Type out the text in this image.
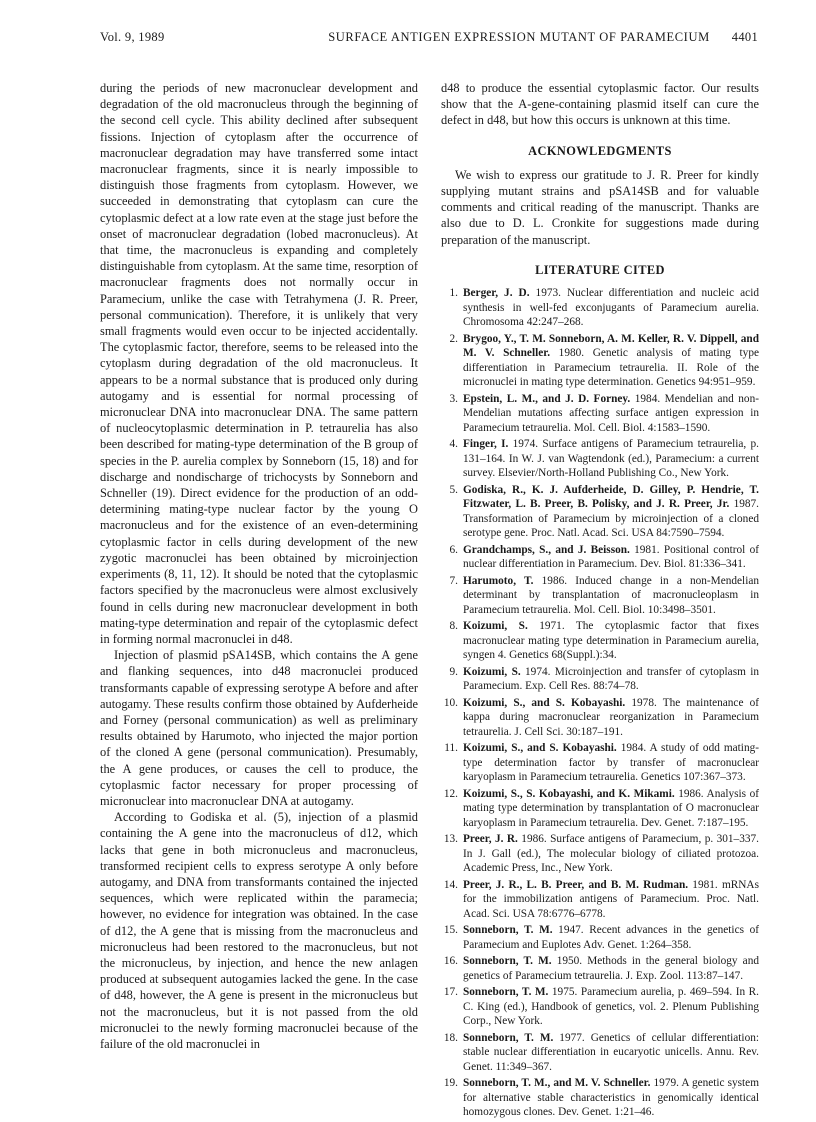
Vol. 9, 1989	SURFACE ANTIGEN EXPRESSION MUTANT OF PARAMECIUM 4401

during the periods of new macronuclear development and degradation of the old macronucleus through the beginning of the second cell cycle. This ability declined after subsequent fissions. Injection of cytoplasm after the occurrence of macronuclear degradation may have transferred some intact macronuclear fragments, since it is nearly impossible to distinguish those fragments from cytoplasm. However, we succeeded in demonstrating that cytoplasm can cure the cytoplasmic defect at a low rate even at the stage just before the onset of macronuclear degradation (lobed macronucleus). At that time, the macronucleus is expanding and completely distinguishable from cytoplasm. At the same time, resorption of macronuclear fragments does not normally occur in Paramecium, unlike the case with Tetrahymena (J. R. Preer, personal communication). Therefore, it is unlikely that very small fragments would even occur to be injected accidentally. The cytoplasmic factor, therefore, seems to be released into the cytoplasm during degradation of the old macronucleus. It appears to be a normal substance that is produced only during autogamy and is essential for normal processing of micronuclear DNA into macronuclear DNA. The same pattern of nucleocytoplasmic determination in P. tetraurelia has also been described for mating-type determination of the B group of species in the P. aurelia complex by Sonneborn (15, 18) and for discharge and nondischarge of trichocysts by Sonneborn and Schneller (19). Direct evidence for the production of an odd-determining mating-type nuclear factor by the young O macronucleus and for the existence of an even-determining cytoplasmic factor in cells during development of the new zygotic macronuclei has been obtained by microinjection experiments (8, 11, 12). It should be noted that the cytoplasmic factors specified by the macronucleus were almost exclusively found in cells during new macronuclear development in both mating-type determination and repair of the cytoplasmic defect in forming normal macronuclei in d48.

Injection of plasmid pSA14SB, which contains the A gene and flanking sequences, into d48 macronuclei produced transformants capable of expressing serotype A before and after autogamy. These results confirm those obtained by Aufderheide and Forney (personal communication) as well as preliminary results obtained by Harumoto, who injected the major portion of the cloned A gene (personal communication). Presumably, the A gene produces, or causes the cell to produce, the cytoplasmic factor necessary for proper processing of micronuclear into macronuclear DNA at autogamy.

According to Godiska et al. (5), injection of a plasmid containing the A gene into the macronucleus of d12, which lacks that gene in both micronucleus and macronucleus, transformed recipient cells to express serotype A only before autogamy, and DNA from transformants contained the injected sequences, which were replicated within the paramecia; however, no evidence for integration was obtained. In the case of d12, the A gene that is missing from the macronucleus and micronucleus had been restored to the macronucleus, but not the micronucleus, by injection, and hence the new anlagen produced at subsequent autogamies lacked the gene. In the case of d48, however, the A gene is present in the micronucleus but not the macronucleus, but it is not passed from the old micronuclei to the newly forming macronuclei because of the failure of the old macronuclei in

d48 to produce the essential cytoplasmic factor. Our results show that the A-gene-containing plasmid itself can cure the defect in d48, but how this occurs is unknown at this time.

ACKNOWLEDGMENTS

We wish to express our gratitude to J. R. Preer for kindly supplying mutant strains and pSA14SB and for valuable comments and critical reading of the manuscript. Thanks are also due to D. L. Cronkite for suggestions made during preparation of the manuscript.

LITERATURE CITED
1. Berger, J. D. 1973. Nuclear differentiation and nucleic acid synthesis in well-fed exconjugants of Paramecium aurelia. Chromosoma 42:247–268.
2. Brygoo, Y., T. M. Sonneborn, A. M. Keller, R. V. Dippell, and M. V. Schneller. 1980. Genetic analysis of mating type differentiation in Paramecium tetraurelia. II. Role of the micronuclei in mating type determination. Genetics 94:951–959.
3. Epstein, L. M., and J. D. Forney. 1984. Mendelian and non-Mendelian mutations affecting surface antigen expression in Paramecium tetraurelia. Mol. Cell. Biol. 4:1583–1590.
4. Finger, I. 1974. Surface antigens of Paramecium tetraurelia, p. 131–164. In W. J. van Wagtendonk (ed.), Paramecium: a current survey. Elsevier/North-Holland Publishing Co., New York.
5. Godiska, R., K. J. Aufderheide, D. Gilley, P. Hendrie, T. Fitzwater, L. B. Preer, B. Polisky, and J. R. Preer, Jr. 1987. Transformation of Paramecium by microinjection of a cloned serotype gene. Proc. Natl. Acad. Sci. USA 84:7590–7594.
6. Grandchamps, S., and J. Beisson. 1981. Positional control of nuclear differentiation in Paramecium. Dev. Biol. 81:336–341.
7. Harumoto, T. 1986. Induced change in a non-Mendelian determinant by transplantation of macronucleoplasm in Paramecium tetraurelia. Mol. Cell. Biol. 10:3498–3501.
8. Koizumi, S. 1971. The cytoplasmic factor that fixes macronuclear mating type determination in Paramecium aurelia, syngen 4. Genetics 68(Suppl.):34.
9. Koizumi, S. 1974. Microinjection and transfer of cytoplasm in Paramecium. Exp. Cell Res. 88:74–78.
10. Koizumi, S., and S. Kobayashi. 1978. The maintenance of kappa during macronuclear reorganization in Paramecium tetraurelia. J. Cell Sci. 30:187–191.
11. Koizumi, S., and S. Kobayashi. 1984. A study of odd mating-type determination factor by transfer of macronuclear karyoplasm in Paramecium tetraurelia. Genetics 107:367–373.
12. Koizumi, S., S. Kobayashi, and K. Mikami. 1986. Analysis of mating type determination by transplantation of O macronuclear karyoplasm in Paramecium tetraurelia. Dev. Genet. 7:187–195.
13. Preer, J. R. 1986. Surface antigens of Paramecium, p. 301–337. In J. Gall (ed.), The molecular biology of ciliated protozoa. Academic Press, Inc., New York.
14. Preer, J. R., L. B. Preer, and B. M. Rudman. 1981. mRNAs for the immobilization antigens of Paramecium. Proc. Natl. Acad. Sci. USA 78:6776–6778.
15. Sonneborn, T. M. 1947. Recent advances in the genetics of Paramecium and Euplotes Adv. Genet. 1:264–358.
16. Sonneborn, T. M. 1950. Methods in the general biology and genetics of Paramecium tetraurelia. J. Exp. Zool. 113:87–147.
17. Sonneborn, T. M. 1975. Paramecium aurelia, p. 469–594. In R. C. King (ed.), Handbook of genetics, vol. 2. Plenum Publishing Corp., New York.
18. Sonneborn, T. M. 1977. Genetics of cellular differentiation: stable nuclear differentiation in eucaryotic unicells. Annu. Rev. Genet. 11:349–367.
19. Sonneborn, T. M., and M. V. Schneller. 1979. A genetic system for alternative stable characteristics in genomically identical homozygous clones. Dev. Genet. 1:21–46.
